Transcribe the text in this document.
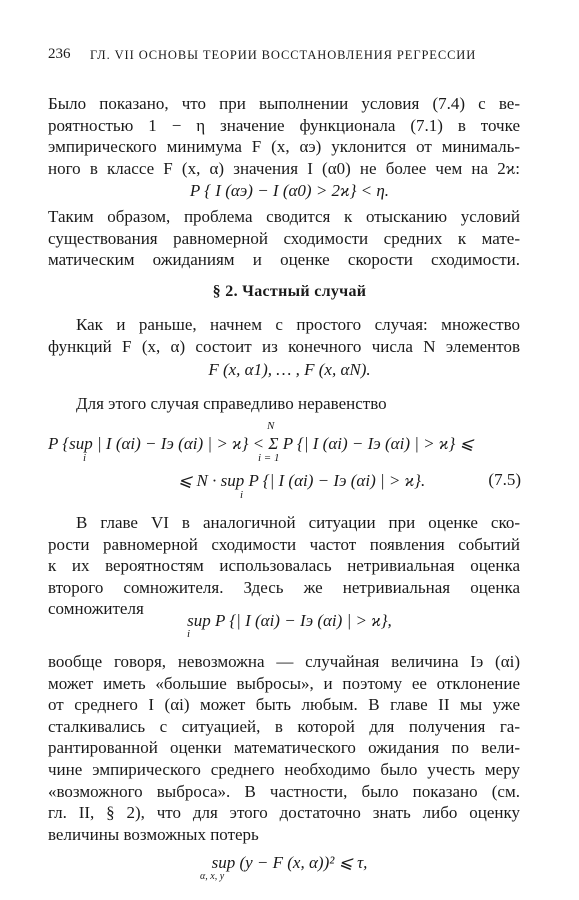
236 ГЛ. VII ОСНОВЫ ТЕОРИИ ВОССТАНОВЛЕНИЯ РЕГРЕССИИ
Было показано, что при выполнении условия (7.4) с ве-
роятностью 1 − η значение функционала (7.1) в точке
эмпирического минимума F (x, αэ) уклонится от минималь-
ного в классе F (x, α) значения I (α0) не более чем на 2ϰ:
P { I (αэ) − I (α0) > 2ϰ} < η.
Таким образом, проблема сводится к отысканию условий
существования равномерной сходимости средних к мате-
матическим ожиданиям и оценке скорости сходимости.
§ 2. Частный случай
Как и раньше, начнем с простого случая: множество
функций F (x, α) состоит из конечного числа N элементов
F (x, α1), … , F (x, αN).
Для этого случая справедливо неравенство
P {sup | I (αi) − Iэ (αi) | > ϰ} < Σ P {| I (αi) − Iэ (αi) | > ϰ} ⩽
i
N
i = 1
⩽ N · sup P {| I (αi) − Iэ (αi) | > ϰ}.
i
(7.5)
В главе VI в аналогичной ситуации при оценке ско-
рости равномерной сходимости частот появления событий
к их вероятностям использовалась нетривиальная оценка
второго сомножителя. Здесь же нетривиальная оценка
сомножителя
sup P {| I (αi) − Iэ (αi) | > ϰ},
i
вообще говоря, невозможна — случайная величина Iэ (αi)
может иметь «большие выбросы», и поэтому ее отклонение
от среднего I (αi) может быть любым. В главе II мы уже
сталкивались с ситуацией, в которой для получения га-
рантированной оценки математического ожидания по вели-
чине эмпирического среднего необходимо было учесть меру
«возможного выброса». В частности, было показано (см.
гл. II, § 2), что для этого достаточно знать либо оценку
величины возможных потерь
sup (y − F (x, α))² ⩽ τ,
α, x, y
